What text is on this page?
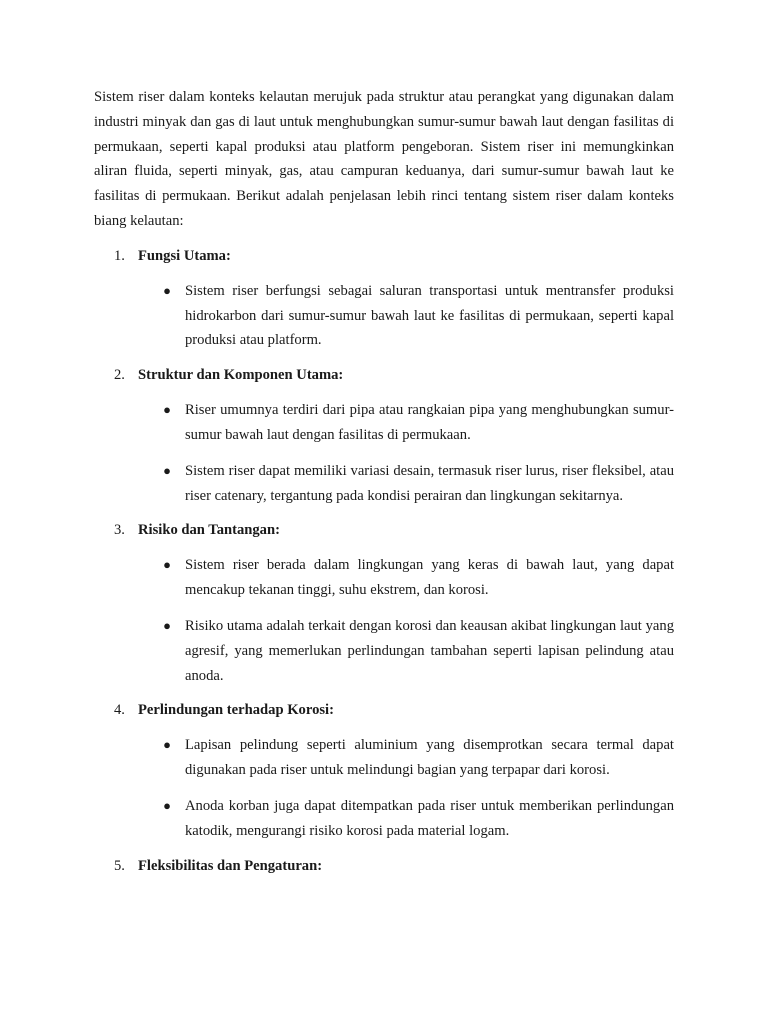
Sistem riser dalam konteks kelautan merujuk pada struktur atau perangkat yang digunakan dalam industri minyak dan gas di laut untuk menghubungkan sumur-sumur bawah laut dengan fasilitas di permukaan, seperti kapal produksi atau platform pengeboran. Sistem riser ini memungkinkan aliran fluida, seperti minyak, gas, atau campuran keduanya, dari sumur-sumur bawah laut ke fasilitas di permukaan. Berikut adalah penjelasan lebih rinci tentang sistem riser dalam konteks biang kelautan:

1. Fungsi Utama:
● Sistem riser berfungsi sebagai saluran transportasi untuk mentransfer produksi hidrokarbon dari sumur-sumur bawah laut ke fasilitas di permukaan, seperti kapal produksi atau platform.
2. Struktur dan Komponen Utama:
● Riser umumnya terdiri dari pipa atau rangkaian pipa yang menghubungkan sumur-sumur bawah laut dengan fasilitas di permukaan.
● Sistem riser dapat memiliki variasi desain, termasuk riser lurus, riser fleksibel, atau riser catenary, tergantung pada kondisi perairan dan lingkungan sekitarnya.
3. Risiko dan Tantangan:
● Sistem riser berada dalam lingkungan yang keras di bawah laut, yang dapat mencakup tekanan tinggi, suhu ekstrem, dan korosi.
● Risiko utama adalah terkait dengan korosi dan keausan akibat lingkungan laut yang agresif, yang memerlukan perlindungan tambahan seperti lapisan pelindung atau anoda.
4. Perlindungan terhadap Korosi:
● Lapisan pelindung seperti aluminium yang disemprotkan secara termal dapat digunakan pada riser untuk melindungi bagian yang terpapar dari korosi.
● Anoda korban juga dapat ditempatkan pada riser untuk memberikan perlindungan katodik, mengurangi risiko korosi pada material logam.
5. Fleksibilitas dan Pengaturan:
